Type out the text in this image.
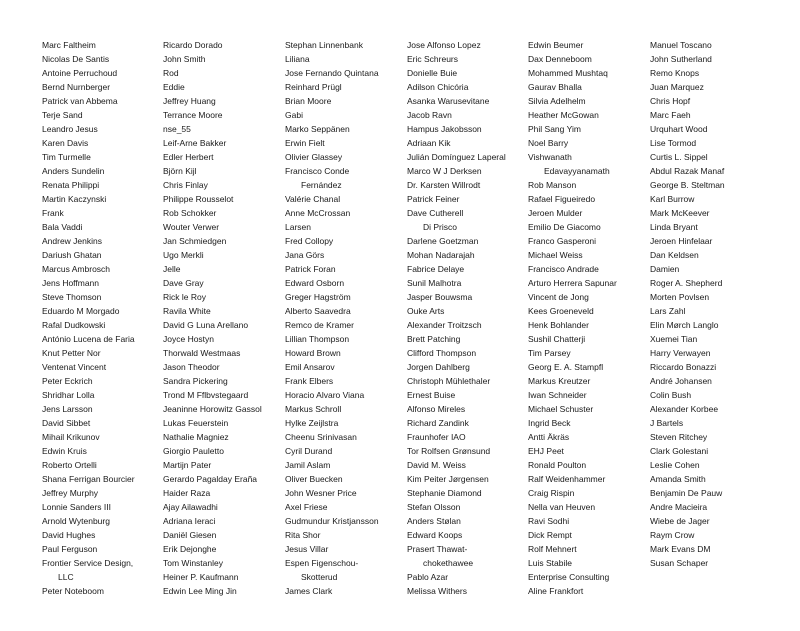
Marc Faltheim
Nicolas De Santis
Antoine Perruchoud
Bernd Nurnberger
Patrick van Abbema
Terje Sand
Leandro Jesus
Karen Davis
Tim Turmelle
Anders Sundelin
Renata Philippi
Martin Kaczynski
Frank
Bala Vaddi
Andrew Jenkins
Dariush Ghatan
Marcus Ambrosch
Jens Hoffmann
Steve Thomson
Eduardo M Morgado
Rafal Dudkowski
António Lucena de Faria
Knut Petter Nor
Ventenat Vincent
Peter Eckrich
Shridhar Lolla
Jens Larsson
David Sibbet
Mihail Krikunov
Edwin Kruis
Roberto Ortelli
Shana Ferrigan Bourcier
Jeffrey Murphy
Lonnie Sanders III
Arnold Wytenburg
David Hughes
Paul Ferguson
Frontier Service Design,
LLC
Peter Noteboom
Ricardo Dorado
John Smith
Rod
Eddie
Jeffrey Huang
Terrance Moore
nse_55
Leif-Arne Bakker
Edler Herbert
Björn Kijl
Chris Finlay
Philippe Rousselot
Rob Schokker
Wouter Verwer
Jan Schmiedgen
Ugo Merkli
Jelle
Dave Gray
Rick le Roy
Ravila White
David G Luna Arellano
Joyce Hostyn
Thorwald Westmaas
Jason Theodor
Sandra Pickering
Trond M Fflbvstegaard
Jeaninne Horowitz Gassol
Lukas Feuerstein
Nathalie Magniez
Giorgio Pauletto
Martijn Pater
Gerardo Pagalday Eraña
Haider Raza
Ajay Ailawadhi
Adriana Ieraci
Daniël Giesen
Erik Dejonghe
Tom Winstanley
Heiner P. Kaufmann
Edwin Lee Ming Jin
Stephan Linnenbank
Liliana
Jose Fernando Quintana
Reinhard Prügl
Brian Moore
Gabi
Marko Seppänen
Erwin Fielt
Olivier Glassey
Francisco Conde
Fernández
Valérie Chanal
Anne McCrossan
Larsen
Fred Collopy
Jana Görs
Patrick Foran
Edward Osborn
Greger Hagström
Alberto Saavedra
Remco de Kramer
Lillian Thompson
Howard Brown
Emil Ansarov
Frank Elbers
Horacio Alvaro Viana
Markus Schroll
Hylke Zeijlstra
Cheenu Srinivasan
Cyril Durand
Jamil Aslam
Oliver Buecken
John Wesner Price
Axel Friese
Gudmundur Kristjansson
Rita Shor
Jesus Villar
Espen Figenschou-
Skotterud
James Clark
Jose Alfonso Lopez
Eric Schreurs
Donielle Buie
Adilson Chicória
Asanka Warusevitane
Jacob Ravn
Hampus Jakobsson
Adriaan Kik
Julián Domínguez Laperal
Marco W J Derksen
Dr. Karsten Willrodt
Patrick Feiner
Dave Cutherell
Di Prisco
Darlene Goetzman
Mohan Nadarajah
Fabrice Delaye
Sunil Malhotra
Jasper Bouwsma
Ouke Arts
Alexander Troitzsch
Brett Patching
Clifford Thompson
Jorgen Dahlberg
Christoph Mühlethaler
Ernest Buise
Alfonso Mireles
Richard Zandink
Fraunhofer IAO
Tor Rolfsen Grønsund
David M. Weiss
Kim Peiter Jørgensen
Stephanie Diamond
Stefan Olsson
Anders Stølan
Edward Koops
Prasert Thawat-
chokethawee
Pablo Azar
Melissa Withers
Edwin Beumer
Dax Denneboom
Mohammed Mushtaq
Gaurav Bhalla
Silvia Adelhelm
Heather McGowan
Phil Sang Yim
Noel Barry
Vishwanath
Edavayyanamath
Rob Manson
Rafael Figueiredo
Jeroen Mulder
Emilio De Giacomo
Franco Gasperoni
Michael Weiss
Francisco Andrade
Arturo Herrera Sapunar
Vincent de Jong
Kees Groeneveld
Henk Bohlander
Sushil Chatterji
Tim Parsey
Georg E. A. Stampfl
Markus Kreutzer
Iwan Schneider
Michael Schuster
Ingrid Beck
Antti Äkräs
EHJ Peet
Ronald Poulton
Ralf Weidenhammer
Craig Rispin
Nella van Heuven
Ravi Sodhi
Dick Rempt
Rolf Mehnert
Luis Stabile
Enterprise Consulting
Aline Frankfort
Manuel Toscano
John Sutherland
Remo Knops
Juan Marquez
Chris Hopf
Marc Faeh
Urquhart Wood
Lise Tormod
Curtis L. Sippel
Abdul Razak Manaf
George B. Steltman
Karl Burrow
Mark McKeever
Linda Bryant
Jeroen Hinfelaar
Dan Keldsen
Damien
Roger A. Shepherd
Morten Povlsen
Lars Zahl
Elin Mørch Langlo
Xuemei Tian
Harry Verwayen
Riccardo Bonazzi
André Johansen
Colin Bush
Alexander Korbee
J Bartels
Steven Ritchey
Clark Golestani
Leslie Cohen
Amanda Smith
Benjamin De Pauw
Andre Macieira
Wiebe de Jager
Raym Crow
Mark Evans DM
Susan Schaper
